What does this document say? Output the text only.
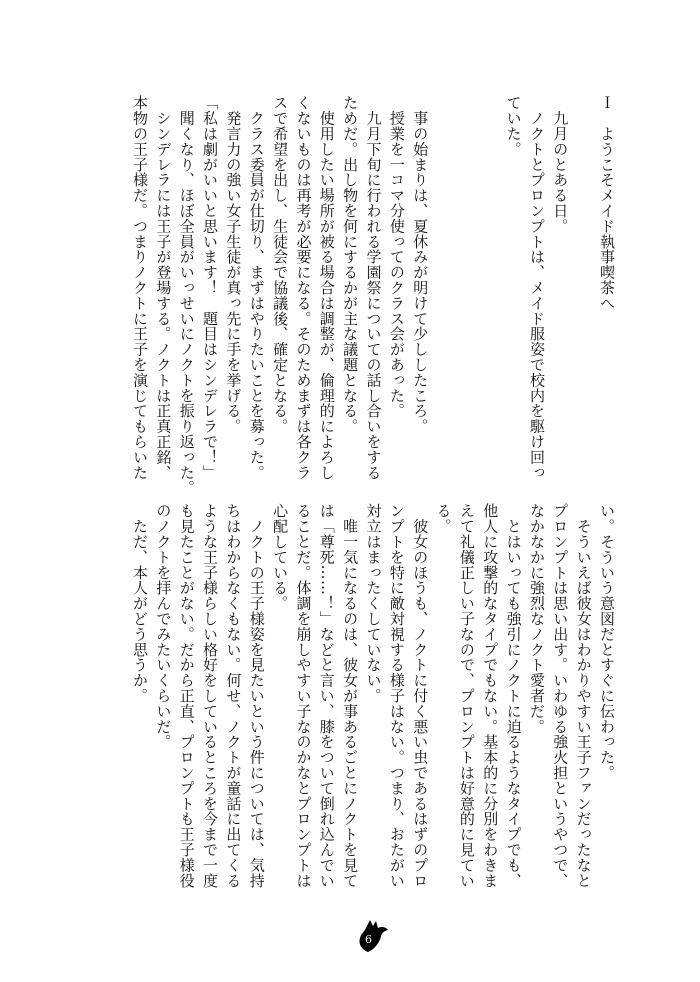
Ｉ　ようこそメイド執事喫茶へ
　九月のとある日。
　ノクトとプロンプトは、メイド服姿で校内を駆け回っ
ていた。
　事の始まりは、夏休みが明けて少ししたころ。
　授業を一コマ分使ってのクラス会があった。
　九月下旬に行われる学園祭についての話し合いをする
ためだ。出し物を何にするかが主な議題となる。
　使用したい場所が被る場合は調整が、倫理的によろし
くないものは再考が必要になる。そのためまずは各クラ
スで希望を出し、生徒会で協議後、確定となる。
　クラス委員が仕切り、まずはやりたいことを募った。
　発言力の強い女子生徒が真っ先に手を挙げる。
「私は劇がいいと思います！　題目はシンデレラで！」
　聞くなり、ほぼ全員がいっせいにノクトを振り返った。
　シンデレラには王子が登場する。ノクトは正真正銘、
本物の王子様だ。つまりノクトに王子を演じてもらいた
い。そういう意図だとすぐに伝わった。
　そういえば彼女はわかりやすい王子ファンだったなと
プロンプトは思い出す。いわゆる強火担というやつで、
なかなかに強烈なノクト愛者だ。
　とはいっても強引にノクトに迫るようなタイプでも、
他人に攻撃的なタイプでもない。基本的に分別をわきま
えて礼儀正しい子なので、プロンプトは好意的に見てい
る。
　彼女のほうも、ノクトに付く悪い虫であるはずのプロ
ンプトを特に敵対視する様子はない。つまり、おたがい
対立はまったくしていない。
　唯一気になるのは、彼女が事あるごとにノクトを見て
は「尊死……！」などと言い、膝をついて倒れ込んでい
ることだ。体調を崩しやすい子なのかなとプロンプトは
心配している。
　ノクトの王子様姿を見たいという件については、気持
ちはわからなくもない。何せ、ノクトが童話に出てくる
ような王子様らしい格好をしているところを今まで一度
も見たことがない。だから正直、プロンプトも王子様役
のノクトを拝んでみたいくらいだ。
　ただ、本人がどう思うか。
6
